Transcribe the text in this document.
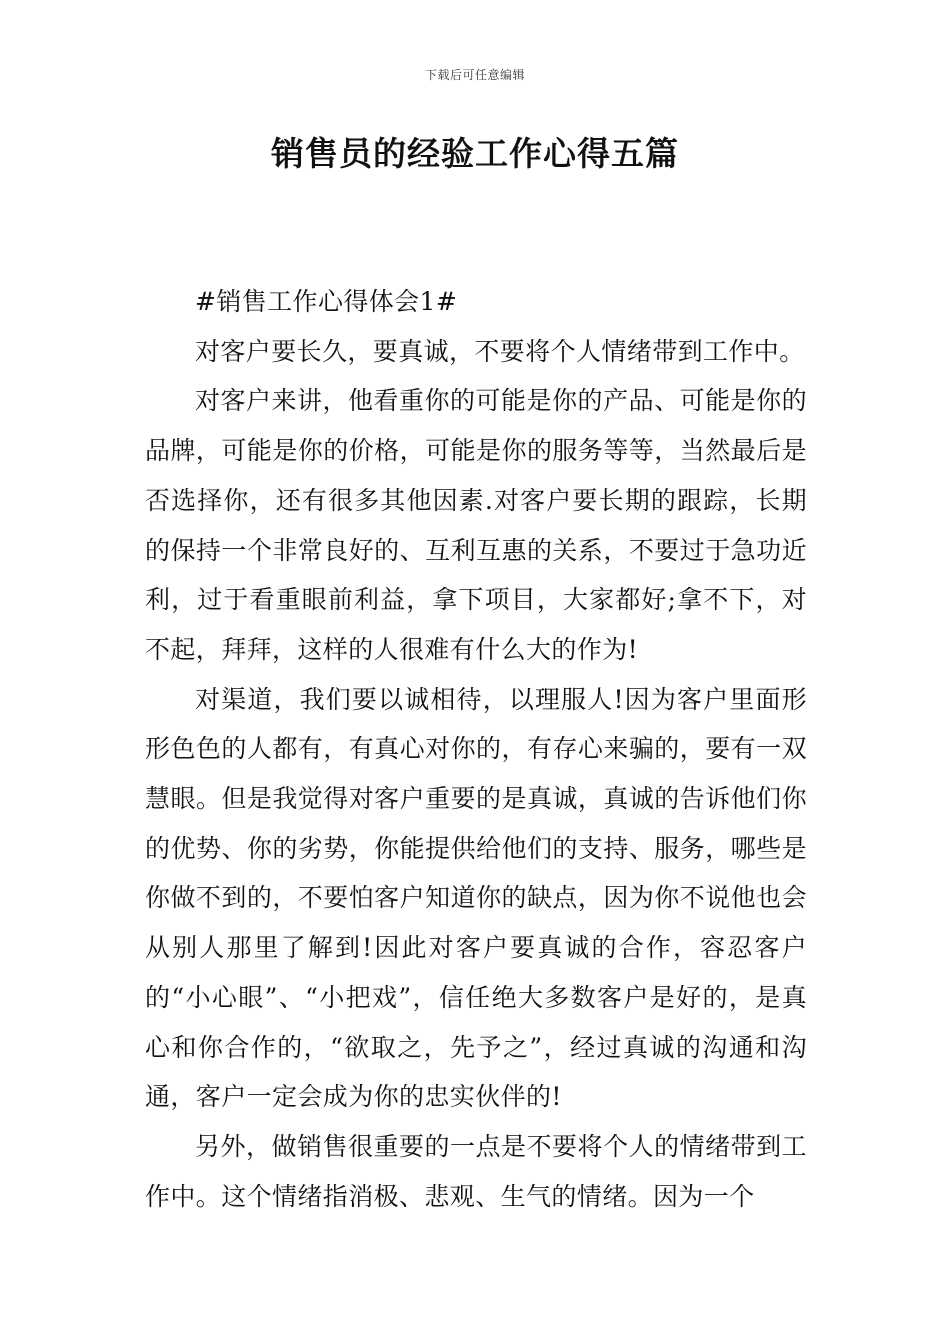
下载后可任意编辑
销售员的经验工作心得五篇

#销售工作心得体会1#

对客户要长久，要真诚，不要将个人情绪带到工作中。

对客户来讲，他看重你的可能是你的产品、可能是你的品牌，可能是你的价格，可能是你的服务等等，当然最后是否选择你，还有很多其他因素.对客户要长期的跟踪，长期的保持一个非常良好的、互利互惠的关系，不要过于急功近利，过于看重眼前利益，拿下项目，大家都好;拿不下，对不起，拜拜，这样的人很难有什么大的作为!

对渠道，我们要以诚相待，以理服人!因为客户里面形形色色的人都有，有真心对你的，有存心来骗的，要有一双慧眼。但是我觉得对客户重要的是真诚，真诚的告诉他们你的优势、你的劣势，你能提供给他们的支持、服务，哪些是你做不到的，不要怕客户知道你的缺点，因为你不说他也会从别人那里了解到!因此对客户要真诚的合作，容忍客户的“小心眼”、“小把戏”，信任绝大多数客户是好的，是真心和你合作的，“欲取之，先予之”，经过真诚的沟通和沟通，客户一定会成为你的忠实伙伴的!

另外，做销售很重要的一点是不要将个人的情绪带到工作中。这个情绪指消极、悲观、生气的情绪。因为一个
